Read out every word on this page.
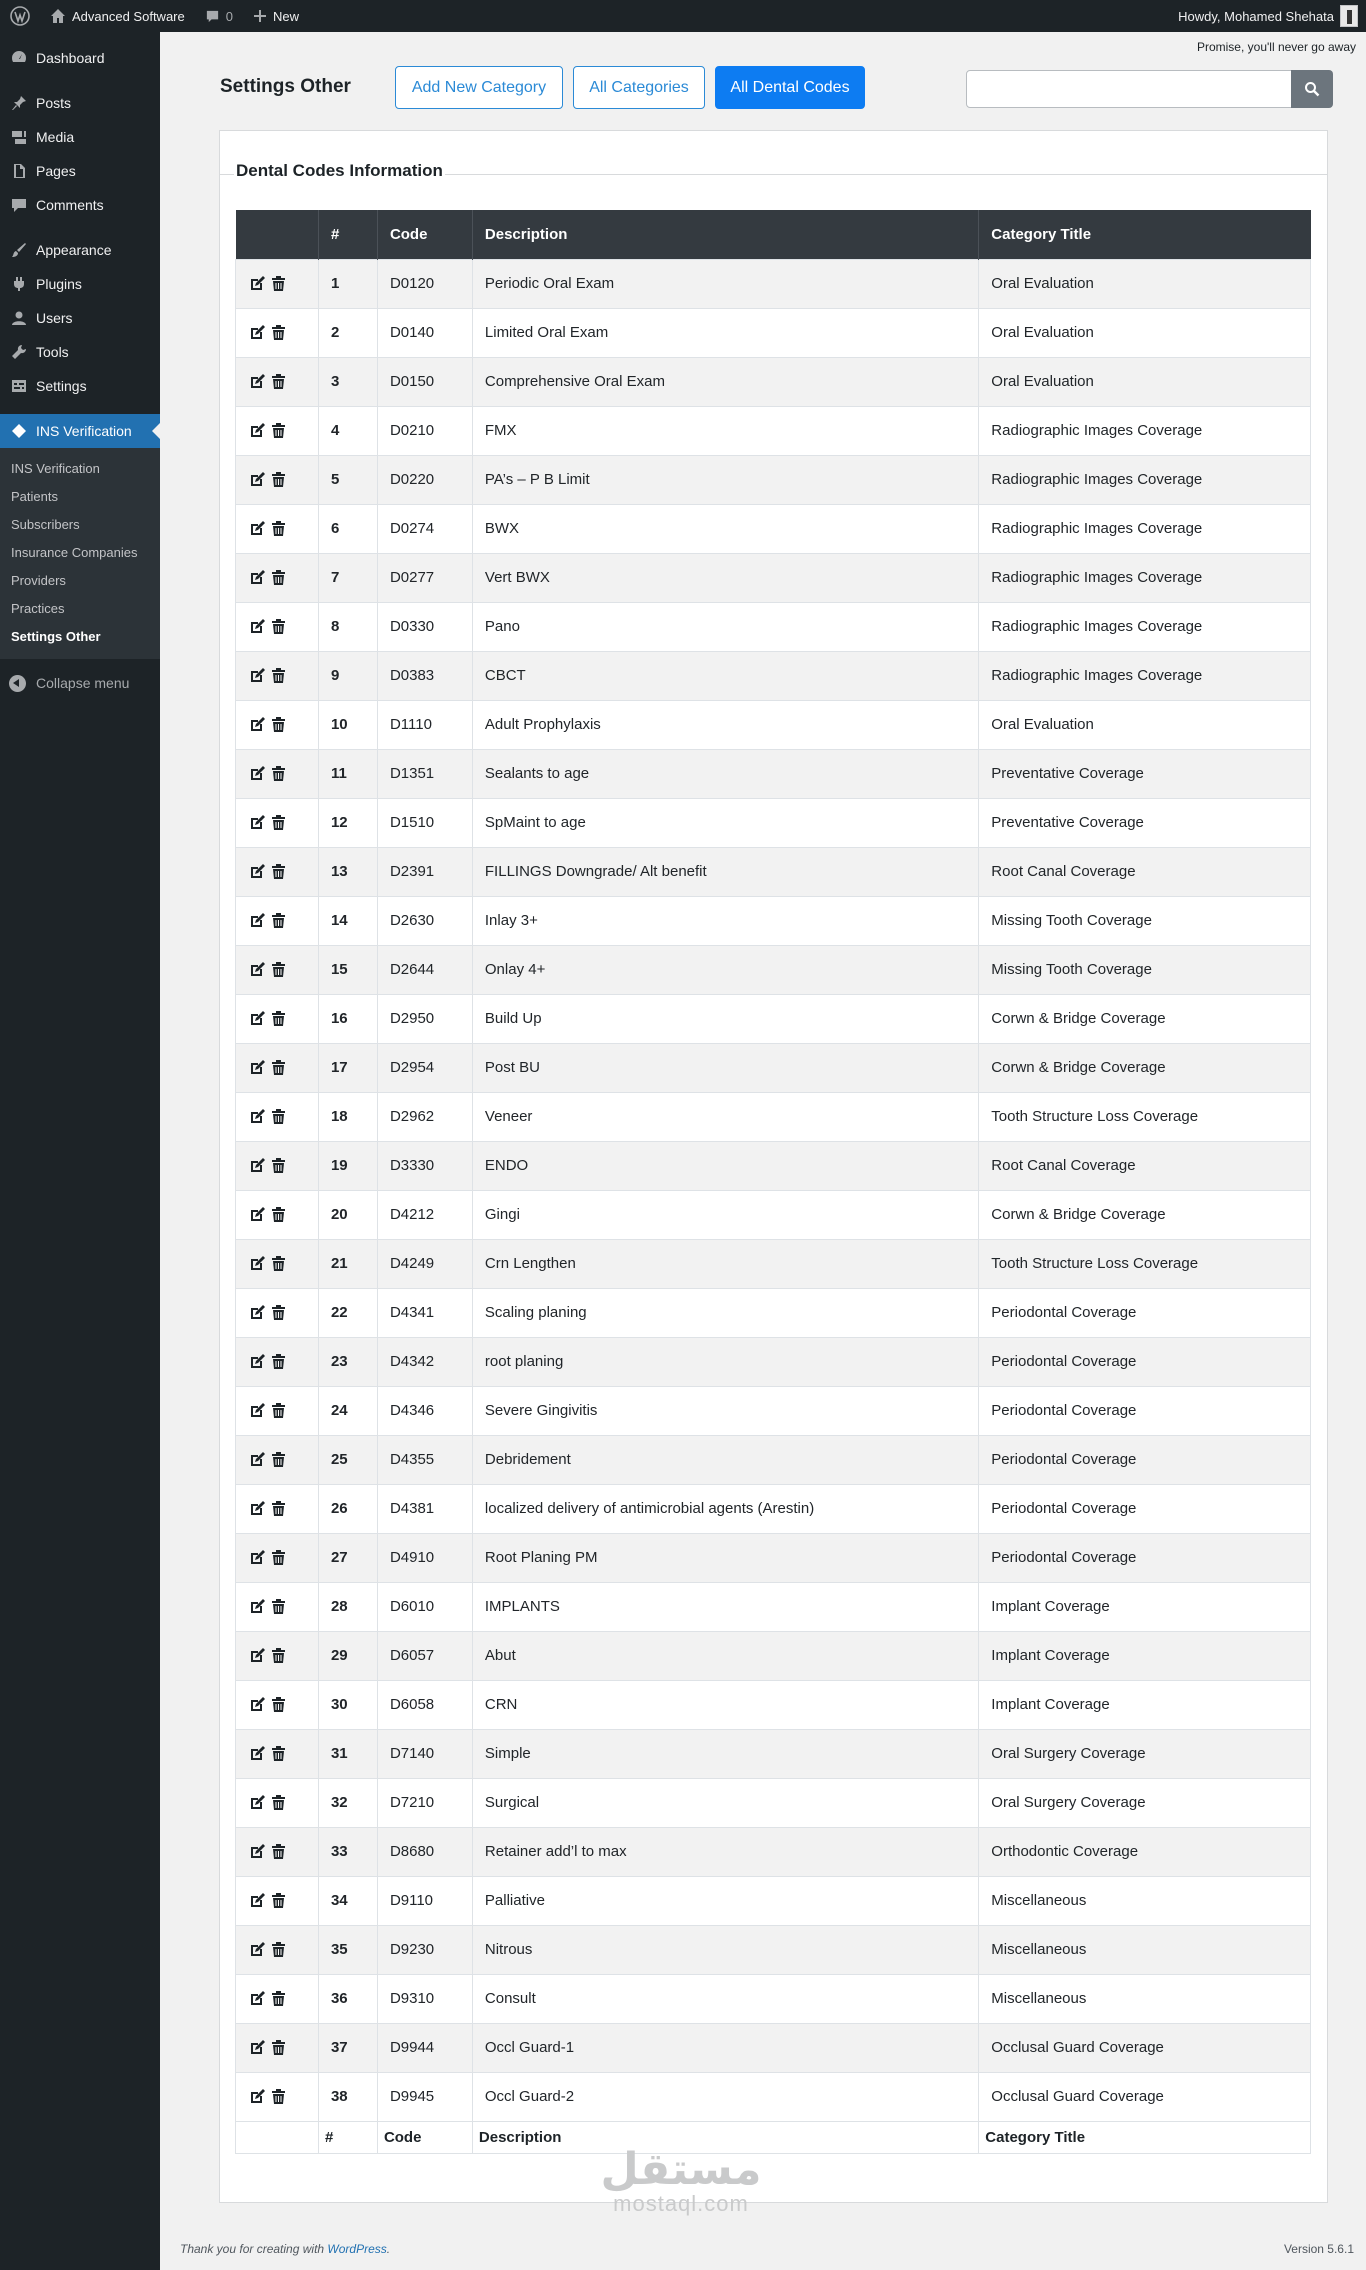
Advanced Software	0	New	Howdy, Mohamed Shehata
Dashboard
Posts
Media
Pages
Comments
Appearance
Plugins
Users
Tools
Settings
INS Verification
INS Verification
Patients
Subscribers
Insurance Companies
Providers
Practices
Settings Other
Collapse menu
Promise, you'll never go away
Settings Other	Add New Category	All Categories	All Dental Codes
Dental Codes Information
	#	Code	Description	Category Title

	1	D0120	Periodic Oral Exam	Oral Evaluation

	2	D0140	Limited Oral Exam	Oral Evaluation

	3	D0150	Comprehensive Oral Exam	Oral Evaluation

	4	D0210	FMX	Radiographic Images Coverage

	5	D0220	PA’s – P B Limit	Radiographic Images Coverage

	6	D0274	BWX	Radiographic Images Coverage

	7	D0277	Vert BWX	Radiographic Images Coverage

	8	D0330	Pano	Radiographic Images Coverage

	9	D0383	CBCT	Radiographic Images Coverage

	10	D1110	Adult Prophylaxis	Oral Evaluation

	11	D1351	Sealants to age	Preventative Coverage

	12	D1510	SpMaint to age	Preventative Coverage

	13	D2391	FILLINGS Downgrade/ Alt benefit	Root Canal Coverage

	14	D2630	Inlay 3+	Missing Tooth Coverage

	15	D2644	Onlay 4+	Missing Tooth Coverage

	16	D2950	Build Up	Corwn & Bridge Coverage

	17	D2954	Post BU	Corwn & Bridge Coverage

	18	D2962	Veneer	Tooth Structure Loss Coverage

	19	D3330	ENDO	Root Canal Coverage

	20	D4212	Gingi	Corwn & Bridge Coverage

	21	D4249	Crn Lengthen	Tooth Structure Loss Coverage

	22	D4341	Scaling planing	Periodontal Coverage

	23	D4342	root planing	Periodontal Coverage

	24	D4346	Severe Gingivitis	Periodontal Coverage

	25	D4355	Debridement	Periodontal Coverage

	26	D4381	localized delivery of antimicrobial agents (Arestin)	Periodontal Coverage

	27	D4910	Root Planing PM	Periodontal Coverage

	28	D6010	IMPLANTS	Implant Coverage

	29	D6057	Abut	Implant Coverage

	30	D6058	CRN	Implant Coverage

	31	D7140	Simple	Oral Surgery Coverage

	32	D7210	Surgical	Oral Surgery Coverage

	33	D8680	Retainer add’l to max	Orthodontic Coverage

	34	D9110	Palliative	Miscellaneous

	35	D9230	Nitrous	Miscellaneous

	36	D9310	Consult	Miscellaneous

	37	D9944	Occl Guard-1	Occlusal Guard Coverage

	38	D9945	Occl Guard-2	Occlusal Guard Coverage
	#	Code	Description	Category Title
مستقل
mostaql.com
Thank you for creating with WordPress.	Version 5.6.1
